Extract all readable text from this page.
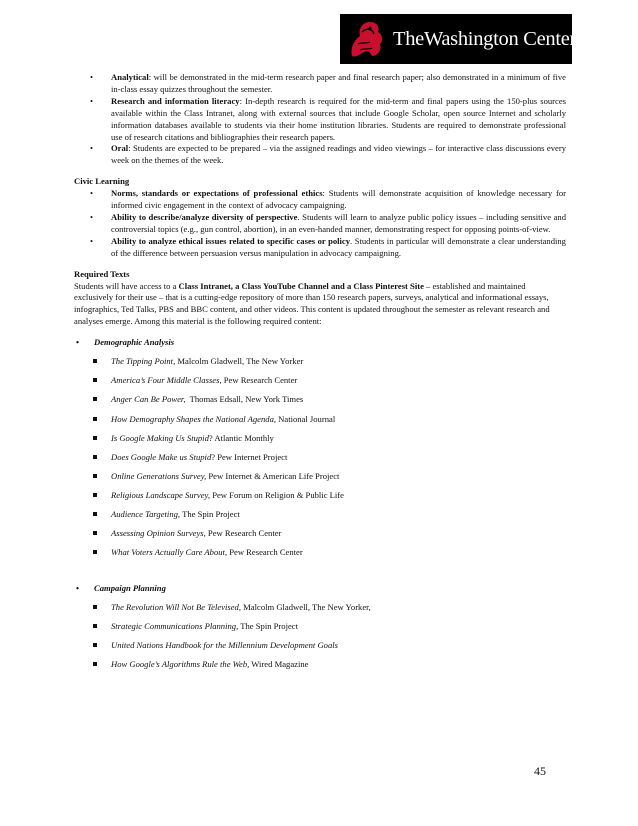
TheWashington Center
• Analytical: will be demonstrated in the mid-term research paper and final research paper; also demonstrated in a minimum of five in-class essay quizzes throughout the semester.
• Research and information literacy: In-depth research is required for the mid-term and final papers using the 150-plus sources available within the Class Intranet, along with external sources that include Google Scholar, open source Internet and scholarly information databases available to students via their home institution libraries. Students are required to demonstrate professional use of research citations and bibliographies their research papers.
• Oral: Students are expected to be prepared – via the assigned readings and video viewings – for interactive class discussions every week on the themes of the week.
Civic Learning
• Norms, standards or expectations of professional ethics: Students will demonstrate acquisition of knowledge necessary for informed civic engagement in the context of advocacy campaigning.
• Ability to describe/analyze diversity of perspective. Students will learn to analyze public policy issues – including sensitive and controversial topics (e.g., gun control, abortion), in an even-handed manner, demonstrating respect for opposing points-of-view.
• Ability to analyze ethical issues related to specific cases or policy. Students in particular will demonstrate a clear understanding of the difference between persuasion versus manipulation in advocacy campaigning.
Required Texts

Students will have access to a Class Intranet, a Class YouTube Channel and a Class Pinterest Site – established and maintained exclusively for their use – that is a cutting-edge repository of more than 150 research papers, surveys, analytical and informational essays, infographics, Ted Talks, PBS and BBC content, and other videos. This content is updated throughout the semester as relevant research and analyses emerge. Among this material is the following required content:

• Demographic Analysis
The Tipping Point, Malcolm Gladwell, The New Yorker
America’s Four Middle Classes, Pew Research Center
Anger Can Be Power,  Thomas Edsall, New York Times
How Demography Shapes the National Agenda, National Journal
Is Google Making Us Stupid? Atlantic Monthly
Does Google Make us Stupid? Pew Internet Project
Online Generations Survey, Pew Internet & American Life Project
Religious Landscape Survey, Pew Forum on Religion & Public Life
Audience Targeting, The Spin Project
Assessing Opinion Surveys, Pew Research Center
What Voters Actually Care About, Pew Research Center
• Campaign Planning
The Revolution Will Not Be Televised, Malcolm Gladwell, The New Yorker,
Strategic Communications Planning, The Spin Project
United Nations Handbook for the Millennium Development Goals
How Google’s Algorithms Rule the Web, Wired Magazine
45
